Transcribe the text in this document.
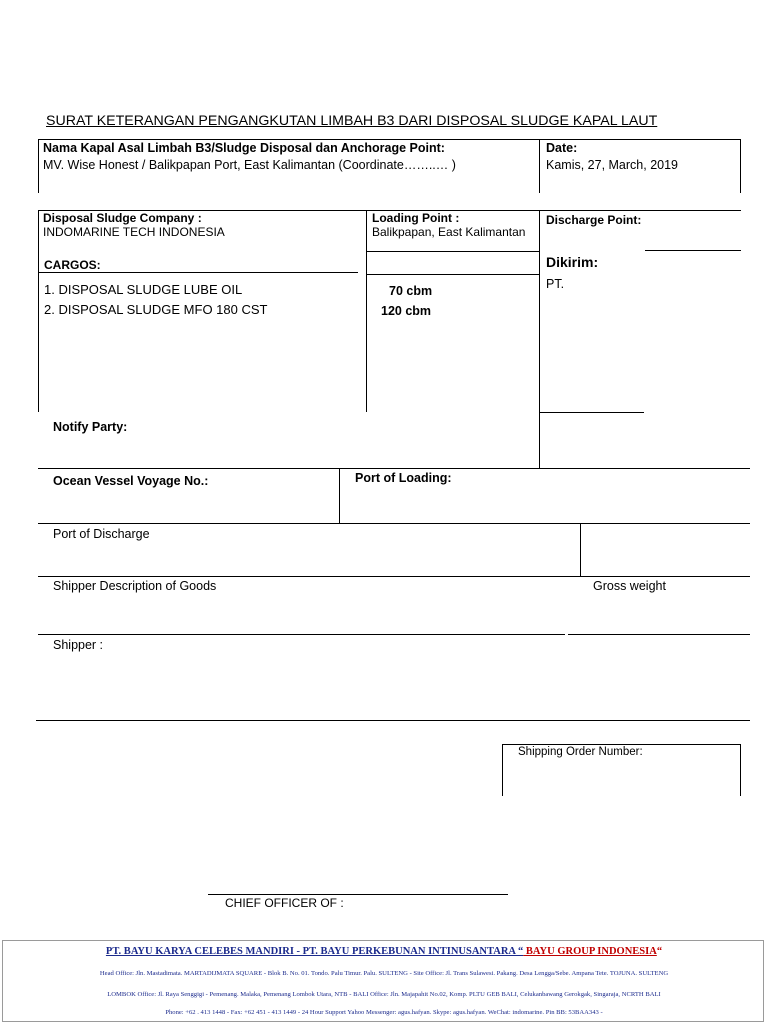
SURAT KETERANGAN PENGANGKUTAN LIMBAH B3 DARI DISPOSAL SLUDGE KAPAL LAUT
Nama Kapal Asal Limbah B3/Sludge Disposal dan Anchorage Point:
MV. Wise Honest / Balikpapan Port, East Kalimantan (Coordinate……..… )
Date:
Kamis, 27, March, 2019
Disposal Sludge Company :
INDOMARINE TECH INDONESIA
Loading Point :
Balikpapan, East Kalimantan
Discharge Point:
Dikirim:
PT.
CARGOS:
1. DISPOSAL SLUDGE LUBE OIL
2. DISPOSAL SLUDGE MFO 180 CST
70 cbm
120 cbm
Notify Party:
Ocean Vessel Voyage No.:	Port of Loading:
Port of Discharge
Shipper Description of Goods	Gross weight
Shipper :
Shipping Order Number:
CHIEF OFFICER OF :
PT. BAYU KARYA CELEBES MANDIRI - PT. BAYU PERKEBUNAN INTINUSANTARA “ BAYU GROUP INDONESIA“
Head Office: Jln. Mastadimata. MARTADIJMATA SQUARE - Blok B. No. 01. Tondo. Palu Timur. Palu. SULTENG - Site Office: Jl. Trans Sulawesi. Pakang. Desa Lengga/Sebe. Ampana Tete. TOJUNA. SULTENG
LOMBOK Office: Jl. Raya Senggigi - Pemenang. Malaka, Pemenang Lombok Utara, NTB - BALI Office: Jln. Majapahit No.02, Komp. PLTU GEB BALI, Celukanbawang Gerokgak, Singaraja, NCRTH BALI
Phone: +62 . 413 1448 - Fax: +62 451 - 413 1449 - 24 Hour Support Yahoo Messenger: agus.hafyan. Skype: agus.hafyan. WeChat: indomarine. Pin BB: 53BAA343 -
